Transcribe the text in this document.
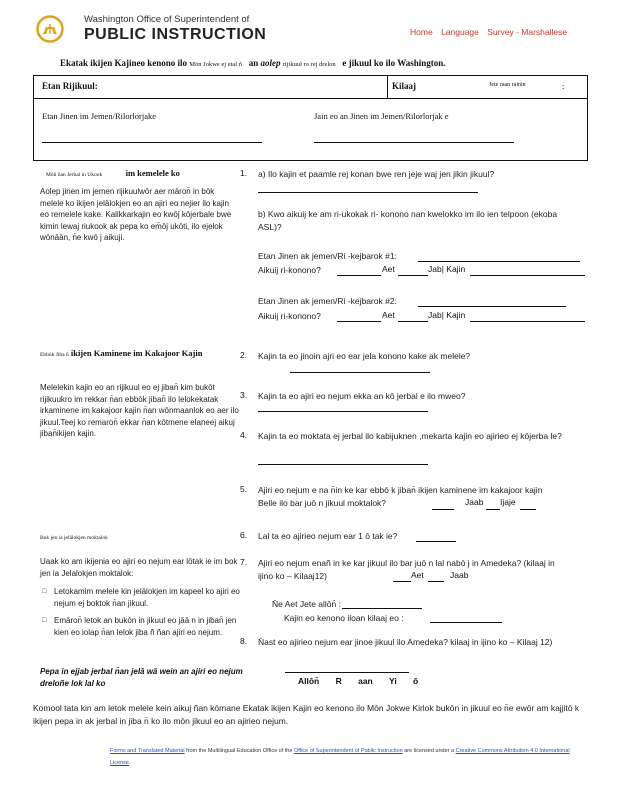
Washington Office of Superintendent of
PUBLIC INSTRUCTION	Home Language Survey - Marshallese
Ekatak ikijen Kajineo kenono ilo Mōn Jokwe ej etal ñ an aolep rijikuul ro rej drelon e jikuul ko ilo Washington.
Etan Rijikuul:	Kilaaj	Jete raan rainin	:
Etan Jinen im Jemen/Rilorlorjake	Jain eo an Jinen im Jemen/Rilorlorjak e
Mōn̄ ñan Jerbal in Ukook	im kemelele ko
Aolep jinen im jemen rijikuulwōr aer māron̄ in bōk melele ko ikijen jelālokjen eo an ajiri eo nejier ilo kajin eo remelele kake. Kalikkarkajin eo kwōj kōjerbale bwe kimin lewaj riukook ak pepa ko em̄ōj ukōti, ilo ejelok wōnāān, n̄e kwō j aikuji.
Ebbōk Jiba ñ ikijen Kaminene im Kakajoor Kajin
Melelekin kajin eo an rijikuul eo ej jiban̄ kim bukōt rijikuukro im rekkar n̄an ebbōk jiban̄ ilo lelokekatak irkaminene im kakajoor kajin n̄an wōnmaanlok eo aer ilo jikuul.Teej ko remaron̄ ekkar n̄an kōtmene elaneej aikuj jiban̄ikijen kajin.
Bok jen ia jelālokjen moktalok
Uaak ko am ikijenia eo ajiri eo nejum ear lōtak ie im bok jen ia Jelalokjen moktalok:
□ Letokamim melele kin jelālokjen im kapeel ko ajiri eo nejum ej boktok n̄an jikuul.
□ Emāron̄ letok an bukōn in jikuul eo jāā n in jiban̄ jen kien eo iolap n̄an lelok jiba ñ ñan ajiri eo nejum.
Pepa in ejjab jerbal n̄an jelā wā wein an ajiri eo nejum dreloñe lok lal ko
1. a) Ilo kajin et paamle rej konan bwe ren jeje waj jen jikin jikuul?
b) Kwo aikuij ke am ri-ukokak ri- konono nan kwelokko im ilo ien telpoon (ekoba ASL)?
Etan Jinen ak jemen/Ri -kejbarok #1:
Aikuij ri-konono?	Aet	Jab| Kajin
Etan Jinen ak jemen/Ri -kejbarok #2:
Aikuij ri-konono?	Aet	Jab| Kajin
2. Kajin ta eo jinoin ajri eo ear jela konono kake ak melele?
3. Kajin ta eo ajiri eo nejum ekka an kō jerbal e ilo mweo?
4. Kajin ta eo moktata ej jerbal ilo kabijuknen ,mekarta kajin eo ajirieo ej kōjerba le?
5. Ajiri eo nejum e na n̄in ke kar ebbō k jiban̄ ikijen kaminene im kakajoor kajin Belle ilo bar juō n jikuul moktalok?	Jaab Ijaje
6. Lal ta eo ajirieo nejum ear 1 ō tak ie?
7. Ajiri eo nejum enañ in ke kar jikuul ilo bar juō n lal nabō j in Amedeka? (kilaaj in ijino ko – Kilaaj12)	Aet	Jaab
N̄e Aet Jete allōn̄ :
Kajin eo kenono iloan kilaaj eo :
8. N̄ast eo ajirieo nejum ear jinoe jikuul ilo Amedeka? kilaaj in ijino ko – Kilaaj 12)
Allōn̄ R aan Yi ō
Komool tata kin am letok melele kein aikuj ñan kōmane Ekatak ikijen Kajin eo kenono ilo Mōn Jokwe Kirlok bukōn in jikuul eo n̄e ewōr am kajjitō k ikijen pepa in ak jerbal in jiba n̄ ko ilo mōn jikuul eo an ajirieo nejum.
Forms and Translated Material from the Multilingual Education Office of the Office of Superintendent of Public Instruction are licensed under a Creative Commons Attribution 4.0 International License.
